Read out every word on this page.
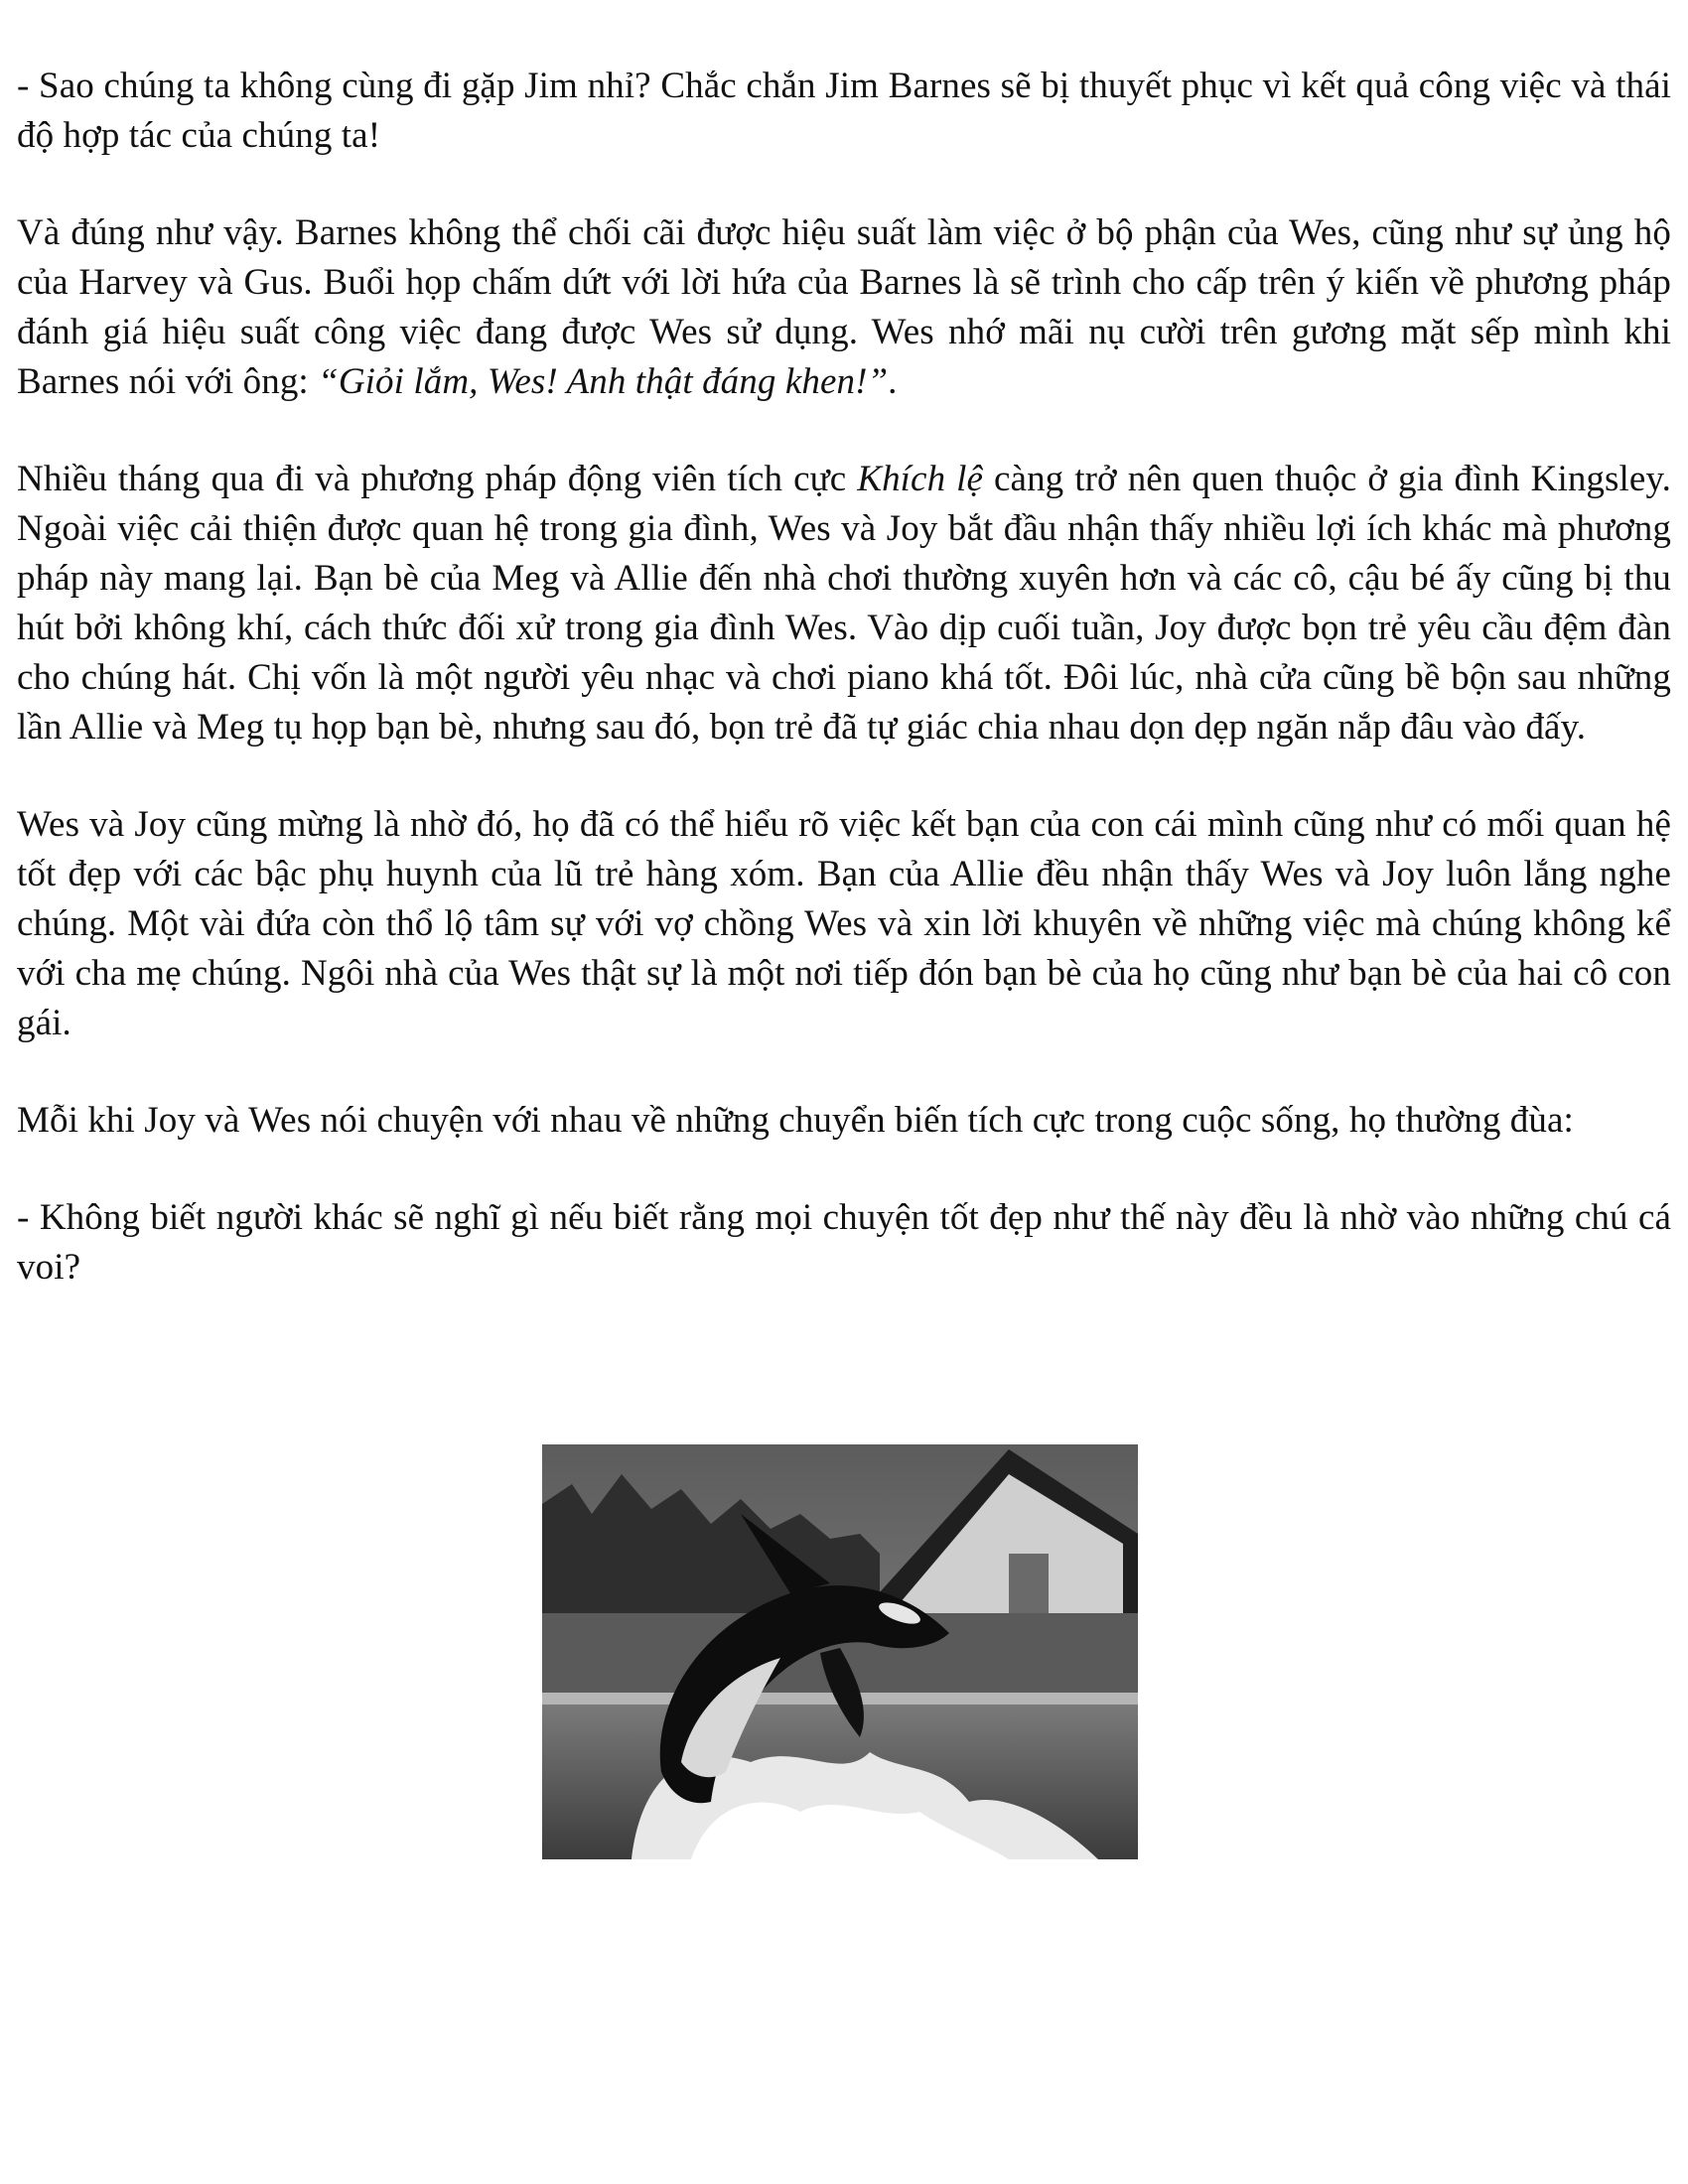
- Sao chúng ta không cùng đi gặp Jim nhỉ? Chắc chắn Jim Barnes sẽ bị thuyết phục vì kết quả công việc và thái độ hợp tác của chúng ta!

Và đúng như vậy. Barnes không thể chối cãi được hiệu suất làm việc ở bộ phận của Wes, cũng như sự ủng hộ của Harvey và Gus. Buổi họp chấm dứt với lời hứa của Barnes là sẽ trình cho cấp trên ý kiến về phương pháp đánh giá hiệu suất công việc đang được Wes sử dụng. Wes nhớ mãi nụ cười trên gương mặt sếp mình khi Barnes nói với ông: “Giỏi lắm, Wes! Anh thật đáng khen!”.

Nhiều tháng qua đi và phương pháp động viên tích cực Khích lệ càng trở nên quen thuộc ở gia đình Kingsley. Ngoài việc cải thiện được quan hệ trong gia đình, Wes và Joy bắt đầu nhận thấy nhiều lợi ích khác mà phương pháp này mang lại. Bạn bè của Meg và Allie đến nhà chơi thường xuyên hơn và các cô, cậu bé ấy cũng bị thu hút bởi không khí, cách thức đối xử trong gia đình Wes. Vào dịp cuối tuần, Joy được bọn trẻ yêu cầu đệm đàn cho chúng hát. Chị vốn là một người yêu nhạc và chơi piano khá tốt. Đôi lúc, nhà cửa cũng bề bộn sau những lần Allie và Meg tụ họp bạn bè, nhưng sau đó, bọn trẻ đã tự giác chia nhau dọn dẹp ngăn nắp đâu vào đấy.

Wes và Joy cũng mừng là nhờ đó, họ đã có thể hiểu rõ việc kết bạn của con cái mình cũng như có mối quan hệ tốt đẹp với các bậc phụ huynh của lũ trẻ hàng xóm. Bạn của Allie đều nhận thấy Wes và Joy luôn lắng nghe chúng. Một vài đứa còn thổ lộ tâm sự với vợ chồng Wes và xin lời khuyên về những việc mà chúng không kể với cha mẹ chúng. Ngôi nhà của Wes thật sự là một nơi tiếp đón bạn bè của họ cũng như bạn bè của hai cô con gái.

Mỗi khi Joy và Wes nói chuyện với nhau về những chuyển biến tích cực trong cuộc sống, họ thường đùa:

- Không biết người khác sẽ nghĩ gì nếu biết rằng mọi chuyện tốt đẹp như thế này đều là nhờ vào những chú cá voi?
